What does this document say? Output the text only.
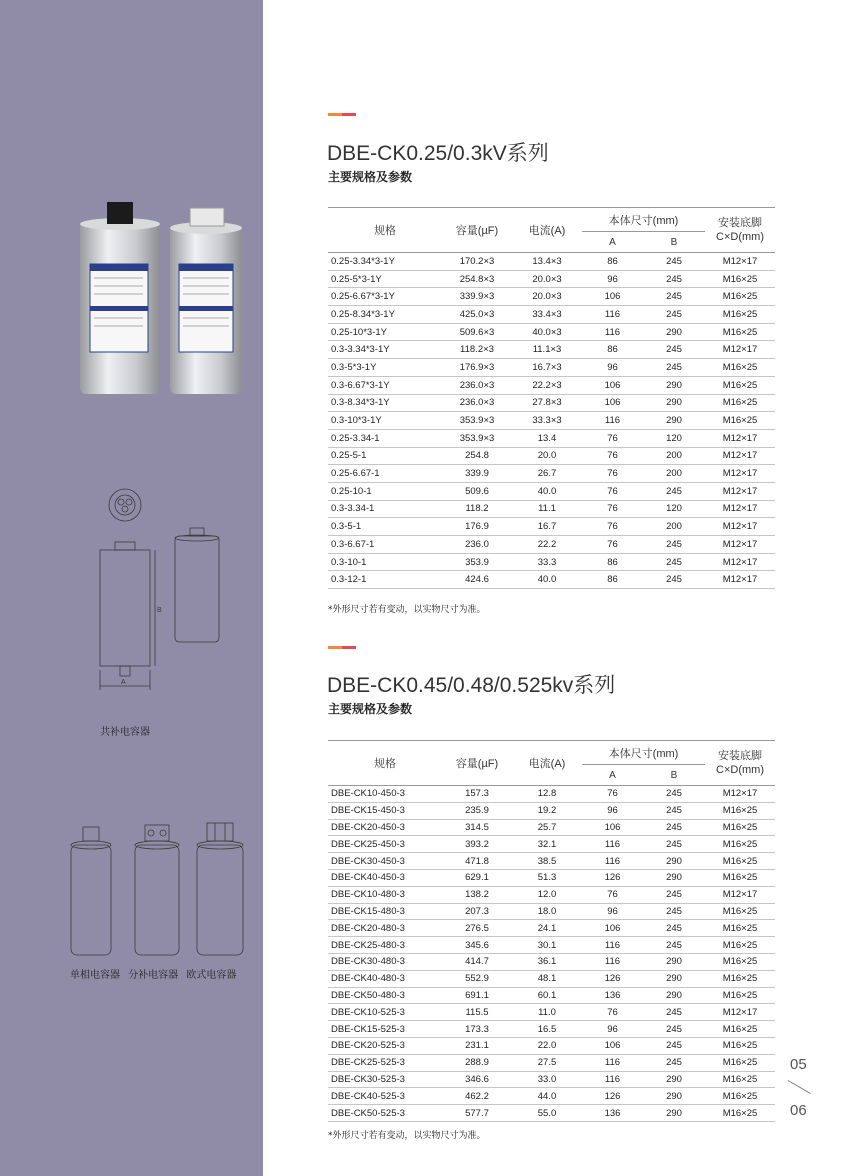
B
A
共补电容器
单相电容器 分补电容器 欧式电容器
DBE-CK0.25/0.3kV系列
主要规格及参数
规格	容量(µF)	电流(A)	本体尺寸(mm)		安装底脚
C×D(mm)
			A	B	
0.25-3.34*3-1Y	170.2×3	13.4×3	86	245	M12×17
0.25-5*3-1Y	254.8×3	20.0×3	96	245	M16×25
0.25-6.67*3-1Y	339.9×3	20.0×3	106	245	M16×25
0.25-8.34*3-1Y	425.0×3	33.4×3	116	245	M16×25
0.25-10*3-1Y	509.6×3	40.0×3	116	290	M16×25
0.3-3.34*3-1Y	118.2×3	11.1×3	86	245	M12×17
0.3-5*3-1Y	176.9×3	16.7×3	96	245	M16×25
0.3-6.67*3-1Y	236.0×3	22.2×3	106	290	M16×25
0.3-8.34*3-1Y	236.0×3	27.8×3	106	290	M16×25
0.3-10*3-1Y	353.9×3	33.3×3	116	290	M16×25
0.25-3.34-1	353.9×3	13.4	76	120	M12×17
0.25-5-1	254.8	20.0	76	200	M12×17
0.25-6.67-1	339.9	26.7	76	200	M12×17
0.25-10-1	509.6	40.0	76	245	M12×17
0.3-3.34-1	118.2	11.1	76	120	M12×17
0.3-5-1	176.9	16.7	76	200	M12×17
0.3-6.67-1	236.0	22.2	76	245	M12×17
0.3-10-1	353.9	33.3	86	245	M12×17
0.3-12-1	424.6	40.0	86	245	M12×17
*外形尺寸若有变动，以实物尺寸为准。
DBE-CK0.45/0.48/0.525kv系列
主要规格及参数
规格	容量(µF)	电流(A)	本体尺寸(mm)		安装底脚
C×D(mm)
			A	B	
DBE-CK10-450-3	157.3	12.8	76	245	M12×17
DBE-CK15-450-3	235.9	19.2	96	245	M16×25
DBE-CK20-450-3	314.5	25.7	106	245	M16×25
DBE-CK25-450-3	393.2	32.1	116	245	M16×25
DBE-CK30-450-3	471.8	38.5	116	290	M16×25
DBE-CK40-450-3	629.1	51.3	126	290	M16×25
DBE-CK10-480-3	138.2	12.0	76	245	M12×17
DBE-CK15-480-3	207.3	18.0	96	245	M16×25
DBE-CK20-480-3	276.5	24.1	106	245	M16×25
DBE-CK25-480-3	345.6	30.1	116	245	M16×25
DBE-CK30-480-3	414.7	36.1	116	290	M16×25
DBE-CK40-480-3	552.9	48.1	126	290	M16×25
DBE-CK50-480-3	691.1	60.1	136	290	M16×25
DBE-CK10-525-3	115.5	11.0	76	245	M12×17
DBE-CK15-525-3	173.3	16.5	96	245	M16×25
DBE-CK20-525-3	231.1	22.0	106	245	M16×25
DBE-CK25-525-3	288.9	27.5	116	245	M16×25
DBE-CK30-525-3	346.6	33.0	116	290	M16×25
DBE-CK40-525-3	462.2	44.0	126	290	M16×25
DBE-CK50-525-3	577.7	55.0	136	290	M16×25
*外形尺寸若有变动，以实物尺寸为准。
05
06
